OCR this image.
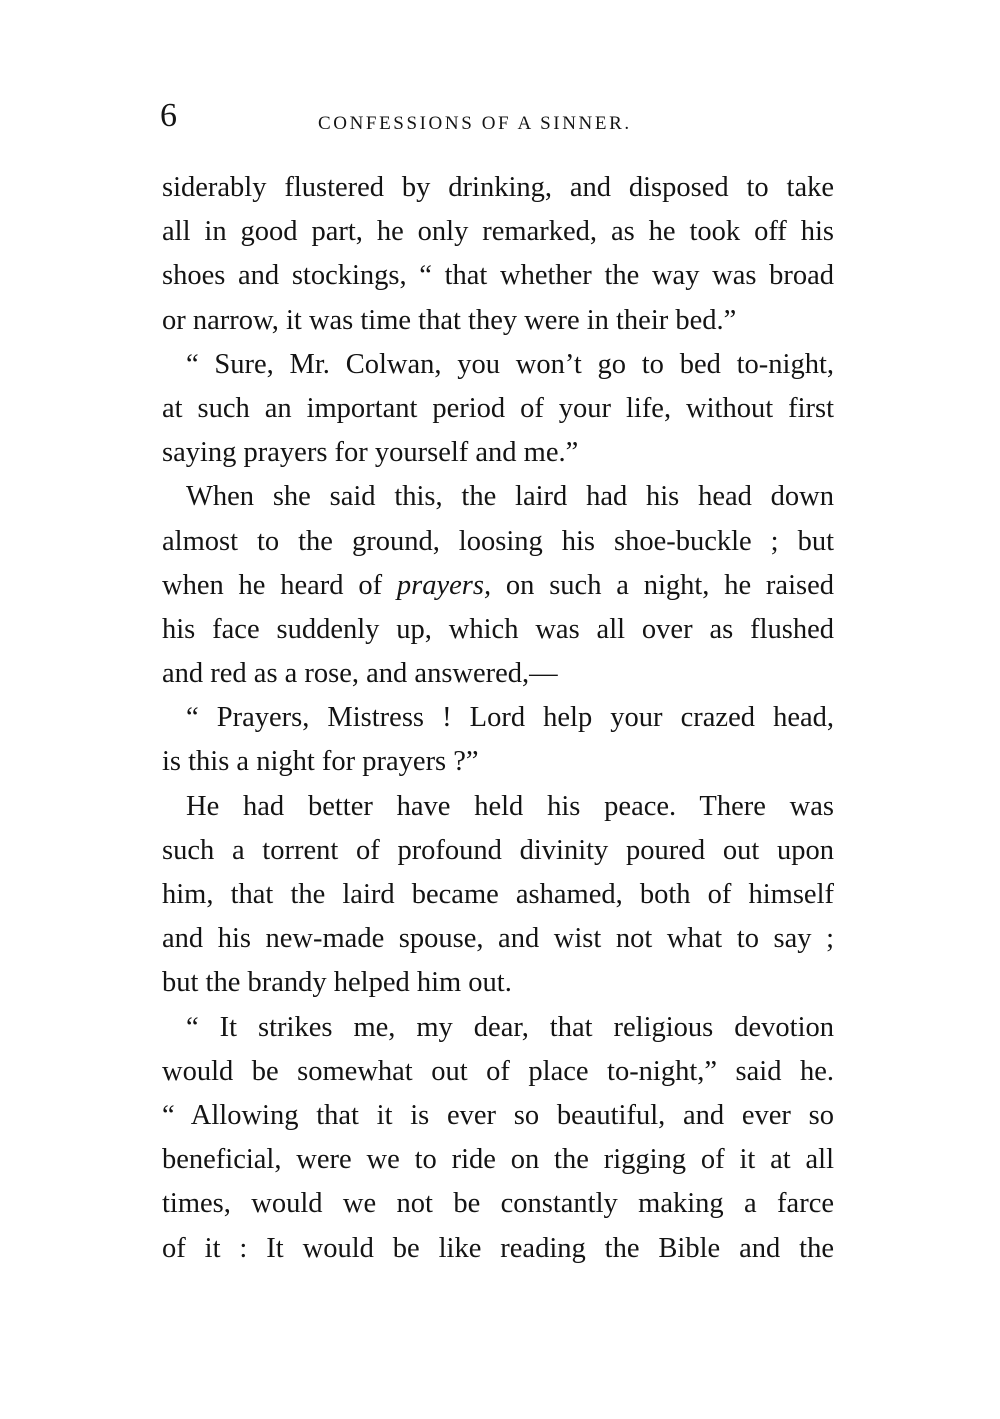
6	CONFESSIONS OF A SINNER.

siderably flustered by drinking, and disposed to take
all in good part, he only remarked, as he took off his
shoes and stockings, “ that whether the way was broad
or narrow, it was time that they were in their bed.”
“ Sure, Mr. Colwan, you won’t go to bed to-night,
at such an important period of your life, without first
saying prayers for yourself and me.”
When she said this, the laird had his head down
almost to the ground, loosing his shoe-buckle ; but
when he heard of prayers, on such a night, he raised
his face suddenly up, which was all over as flushed
and red as a rose, and answered,—
“ Prayers, Mistress ! Lord help your crazed head,
is this a night for prayers ?”
He had better have held his peace. There was
such a torrent of profound divinity poured out upon
him, that the laird became ashamed, both of himself
and his new-made spouse, and wist not what to say ;
but the brandy helped him out.
“ It strikes me, my dear, that religious devotion
would be somewhat out of place to-night,” said he.
“ Allowing that it is ever so beautiful, and ever so
beneficial, were we to ride on the rigging of it at all
times, would we not be constantly making a farce
of it : It would be like reading the Bible and the
